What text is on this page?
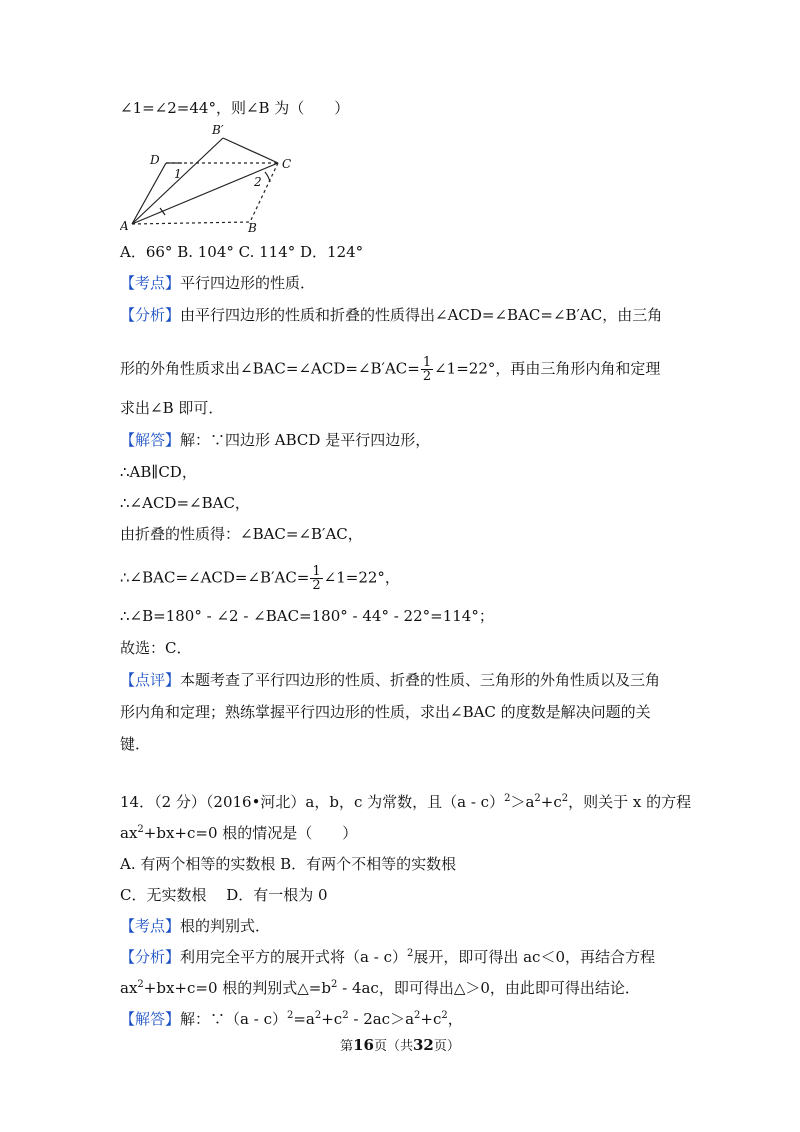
∠1=∠2=44°，则∠B 为（　　）
B′
D	C
A	B
1
2
A．66° B. 104° C. 114° D．124°
【考点】平行四边形的性质．
【分析】由平行四边形的性质和折叠的性质得出∠ACD=∠BAC=∠B′AC，由三角
形的外角性质求出∠BAC=∠ACD=∠B′AC= $\frac{1}{2}$ ∠1=22°，再由三角形内角和定理
求出∠B 即可．
【解答】解：∵四边形 ABCD 是平行四边形，
∴AB∥CD，
∴∠ACD=∠BAC，
由折叠的性质得：∠BAC=∠B′AC，
∴∠BAC=∠ACD=∠B′AC= $\frac{1}{2}$ ∠1=22°，
∴∠B=180° - ∠2 - ∠BAC=180° - 44° - 22°=114°；
故选：C．
【点评】本题考查了平行四边形的性质、折叠的性质、三角形的外角性质以及三角
形内角和定理；熟练掌握平行四边形的性质，求出∠BAC 的度数是解决问题的关
键．
14．（2 分）（2016•河北）a，b，c 为常数，且$(a - c)^2>a^2+c^2$，则关于 x 的方程
$ax^2+bx+c=0$ 根的情况是（　　）
A. 有两个相等的实数根 B．有两个不相等的实数根
C．无实数根　 D．有一根为 0
【考点】根的判别式．
【分析】利用完全平方的展开式将（a - c）$^2$展开，即可得出 ac＜0，再结合方程
$ax^2+bx+c=0$ 根的判别式$\triangle=b^2 - 4ac$，即可得出△＞0，由此即可得出结论．
【解答】解：∵（a - $c)^2=a^2+c^2 - 2ac>a^2+c^2$，
第16页（共32页）
